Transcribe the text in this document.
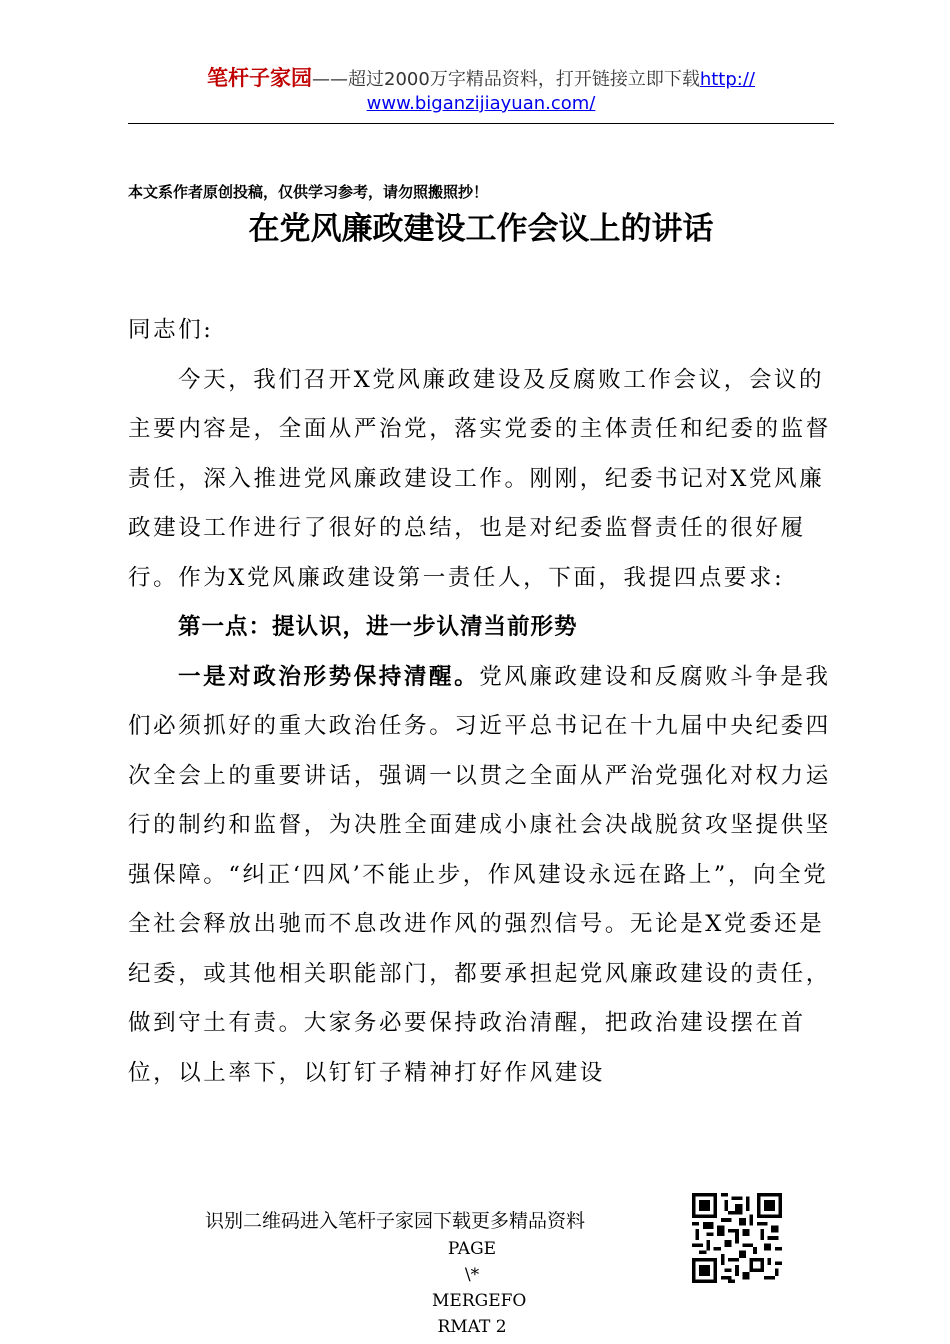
笔杆子家园——超过2000万字精品资料，打开链接立即下载http://
www.biganzijiayuan.com/
本文系作者原创投稿，仅供学习参考，请勿照搬照抄！
在党风廉政建设工作会议上的讲话

同志们:

今天，我们召开X党风廉政建设及反腐败工作会议，会议的主要内容是，全面从严治党，落实党委的主体责任和纪委的监督责任，深入推进党风廉政建设工作。刚刚，纪委书记对X党风廉政建设工作进行了很好的总结，也是对纪委监督责任的很好履行。作为X党风廉政建设第一责任人，下面，我提四点要求:

第一点：提认识，进一步认清当前形势

一是对政治形势保持清醒。党风廉政建设和反腐败斗争是我们必须抓好的重大政治任务。习近平总书记在十九届中央纪委四次全会上的重要讲话，强调一以贯之全面从严治党强化对权力运行的制约和监督，为决胜全面建成小康社会决战脱贫攻坚提供坚强保障。“纠正‘四风’不能止步，作风建设永远在路上”，向全党全社会释放出驰而不息改进作风的强烈信号。无论是X党委还是纪委，或其他相关职能部门，都要承担起党风廉政建设的责任，做到守土有责。大家务必要保持政治清醒，把政治建设摆在首位，以上率下，以钉钉子精神打好作风建设

识别二维码进入笔杆子家园下载更多精品资料
PAGE
\*
MERGEFO
RMAT 2
